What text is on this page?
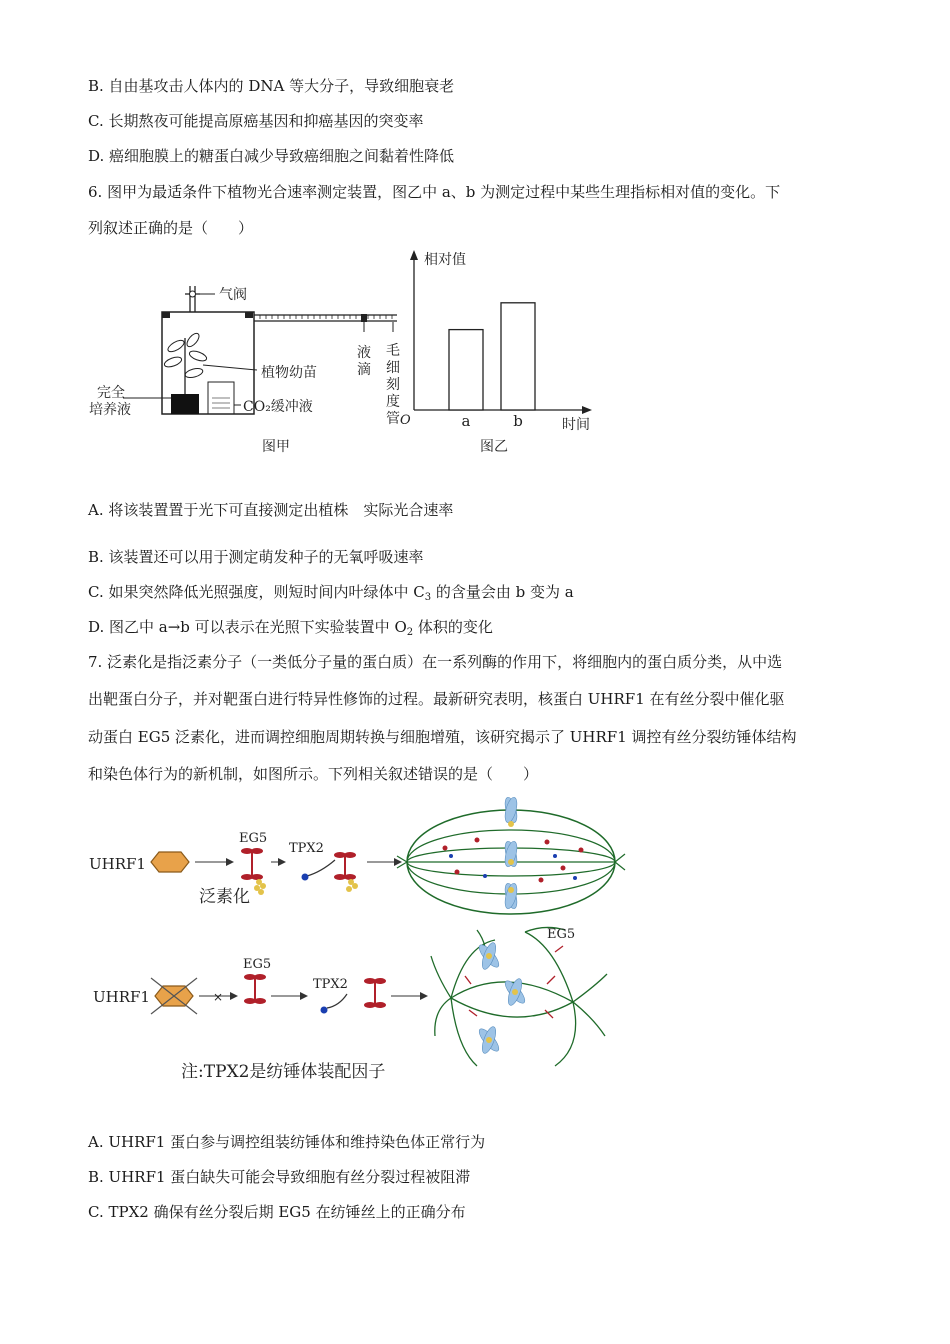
B. 自由基攻击人体内的 DNA 等大分子，导致细胞衰老
C. 长期熬夜可能提高原癌基因和抑癌基因的突变率
D. 癌细胞膜上的糖蛋白减少导致癌细胞之间黏着性降低
6. 图甲为最适条件下植物光合速率测定装置，图乙中 a、b 为测定过程中某些生理指标相对值的变化。下
列叙述正确的是（　　）
气阀
液
滴
毛
细
刻
度
管
植物幼苗
完全
培养液	CO₂缓冲液
图甲
相对值
时间
O	a	b
图乙
A. 将该装置置于光下可直接测定出植株　实际光合速率
B. 该装置还可以用于测定萌发种子的无氧呼吸速率
C. 如果突然降低光照强度，则短时间内叶绿体中 $C_3$ 的含量会由 b 变为 a
D. 图乙中 a→b 可以表示在光照下实验装置中 $O_2$ 体积的变化
7. 泛素化是指泛素分子（一类低分子量的蛋白质）在一系列酶的作用下，将细胞内的蛋白质分类，从中选
出靶蛋白分子，并对靶蛋白进行特异性修饰的过程。最新研究表明，核蛋白 UHRF1 在有丝分裂中催化驱
动蛋白 EG5 泛素化，进而调控细胞周期转换与细胞增殖，该研究揭示了 UHRF1 调控有丝分裂纺锤体结构
和染色体行为的新机制，如图所示。下列相关叙述错误的是（　　）
UHRF1
EG5
泛素化
TPX2
UHRF1	×
EG5
TPX2
EG5
注:TPX2是纺锤体装配因子
A. UHRF1 蛋白参与调控组装纺锤体和维持染色体正常行为
B. UHRF1 蛋白缺失可能会导致细胞有丝分裂过程被阻滞
C. TPX2 确保有丝分裂后期 EG5 在纺锤丝上的正确分布
